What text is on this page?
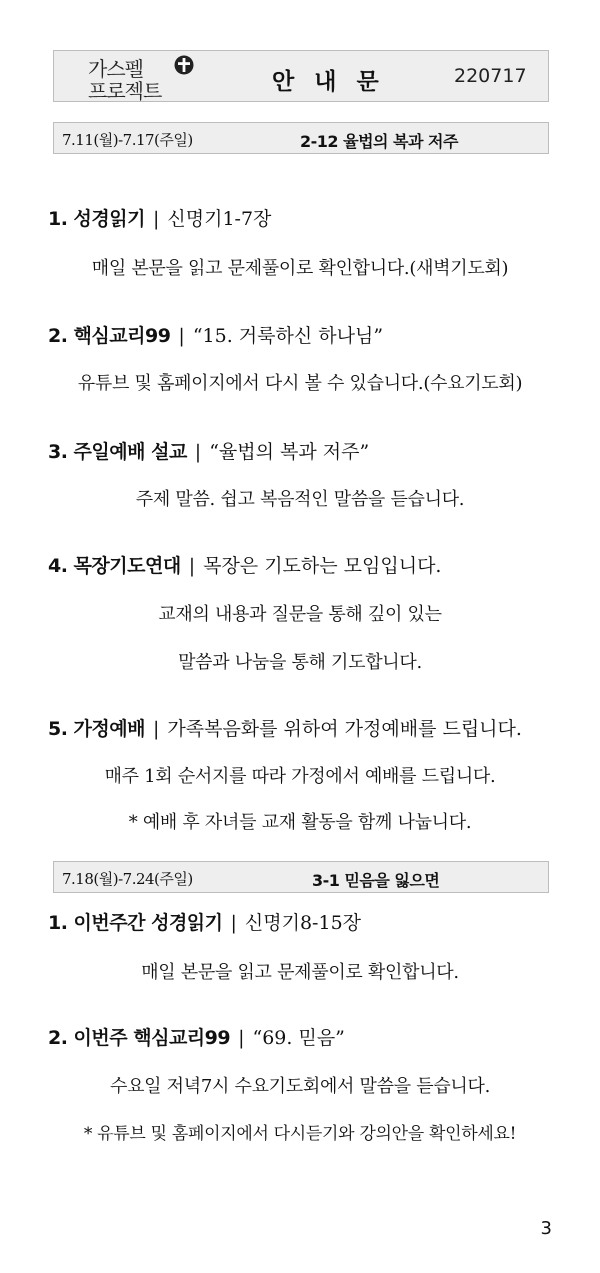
가스펠
프로젝트	안 내 문	220717
7.11(월)-7.17(주일)	2-12 율법의 복과 저주
1. 성경읽기 | 신명기1-7장
매일 본문을 읽고 문제풀이로 확인합니다.(새벽기도회)
2. 핵심교리99 | “15. 거룩하신 하나님”
유튜브 및 홈페이지에서 다시 볼 수 있습니다.(수요기도회)
3. 주일예배 설교 | “율법의 복과 저주”
주제 말씀. 쉽고 복음적인 말씀을 듣습니다.
4. 목장기도연대 | 목장은 기도하는 모임입니다.
교재의 내용과 질문을 통해 깊이 있는
말씀과 나눔을 통해 기도합니다.
5. 가정예배 | 가족복음화를 위하여 가정예배를 드립니다.
매주 1회 순서지를 따라 가정에서 예배를 드립니다.
* 예배 후 자녀들 교재 활동을 함께 나눕니다.
7.18(월)-7.24(주일)	3-1 믿음을 잃으면
1. 이번주간 성경읽기 | 신명기8-15장
매일 본문을 읽고 문제풀이로 확인합니다.
2. 이번주 핵심교리99 | “69. 믿음”
수요일 저녁7시 수요기도회에서 말씀을 듣습니다.
* 유튜브 및 홈페이지에서 다시듣기와 강의안을 확인하세요!
3
